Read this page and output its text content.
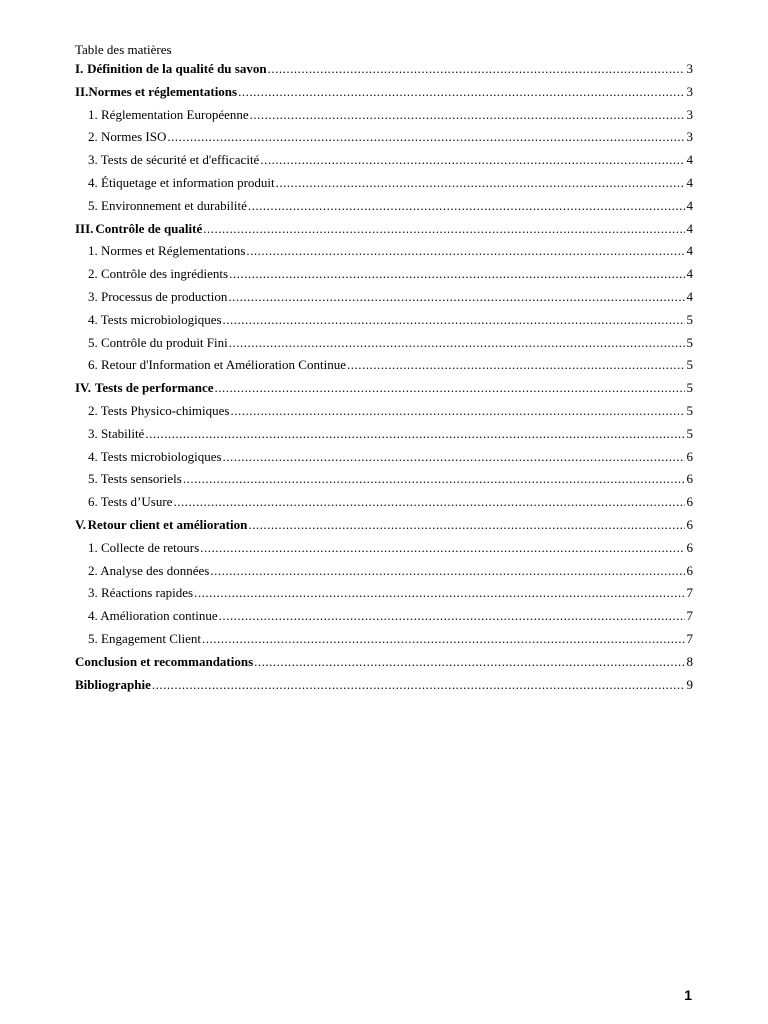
Table des matières
I. Définition de la qualité du savon .....	3
II. Normes et réglementations .....	3
1. Réglementation Européenne .....	3
2. Normes ISO .....	3
3. Tests de sécurité et d'efficacité .....	4
4. Étiquetage et information produit .....	4
5. Environnement et durabilité .....	4
III. Contrôle de qualité .....	4
1. Normes et Réglementations .....	4
2. Contrôle des ingrédients .....	4
3. Processus de production .....	4
4. Tests microbiologiques .....	5
5. Contrôle du produit Fini .....	5
6. Retour d'Information et Amélioration Continue .....	5
IV. Tests de performance .....	5
2. Tests Physico-chimiques .....	5
3. Stabilité .....	5
4. Tests microbiologiques .....	6
5. Tests sensoriels .....	6
6. Tests d’Usure .....	6
V. Retour client et amélioration .....	6
1. Collecte de retours .....	6
2. Analyse des données .....	6
3. Réactions rapides .....	7
4. Amélioration continue .....	7
5. Engagement Client .....	7
Conclusion et recommandations .....	8
Bibliographie .....	9
1
